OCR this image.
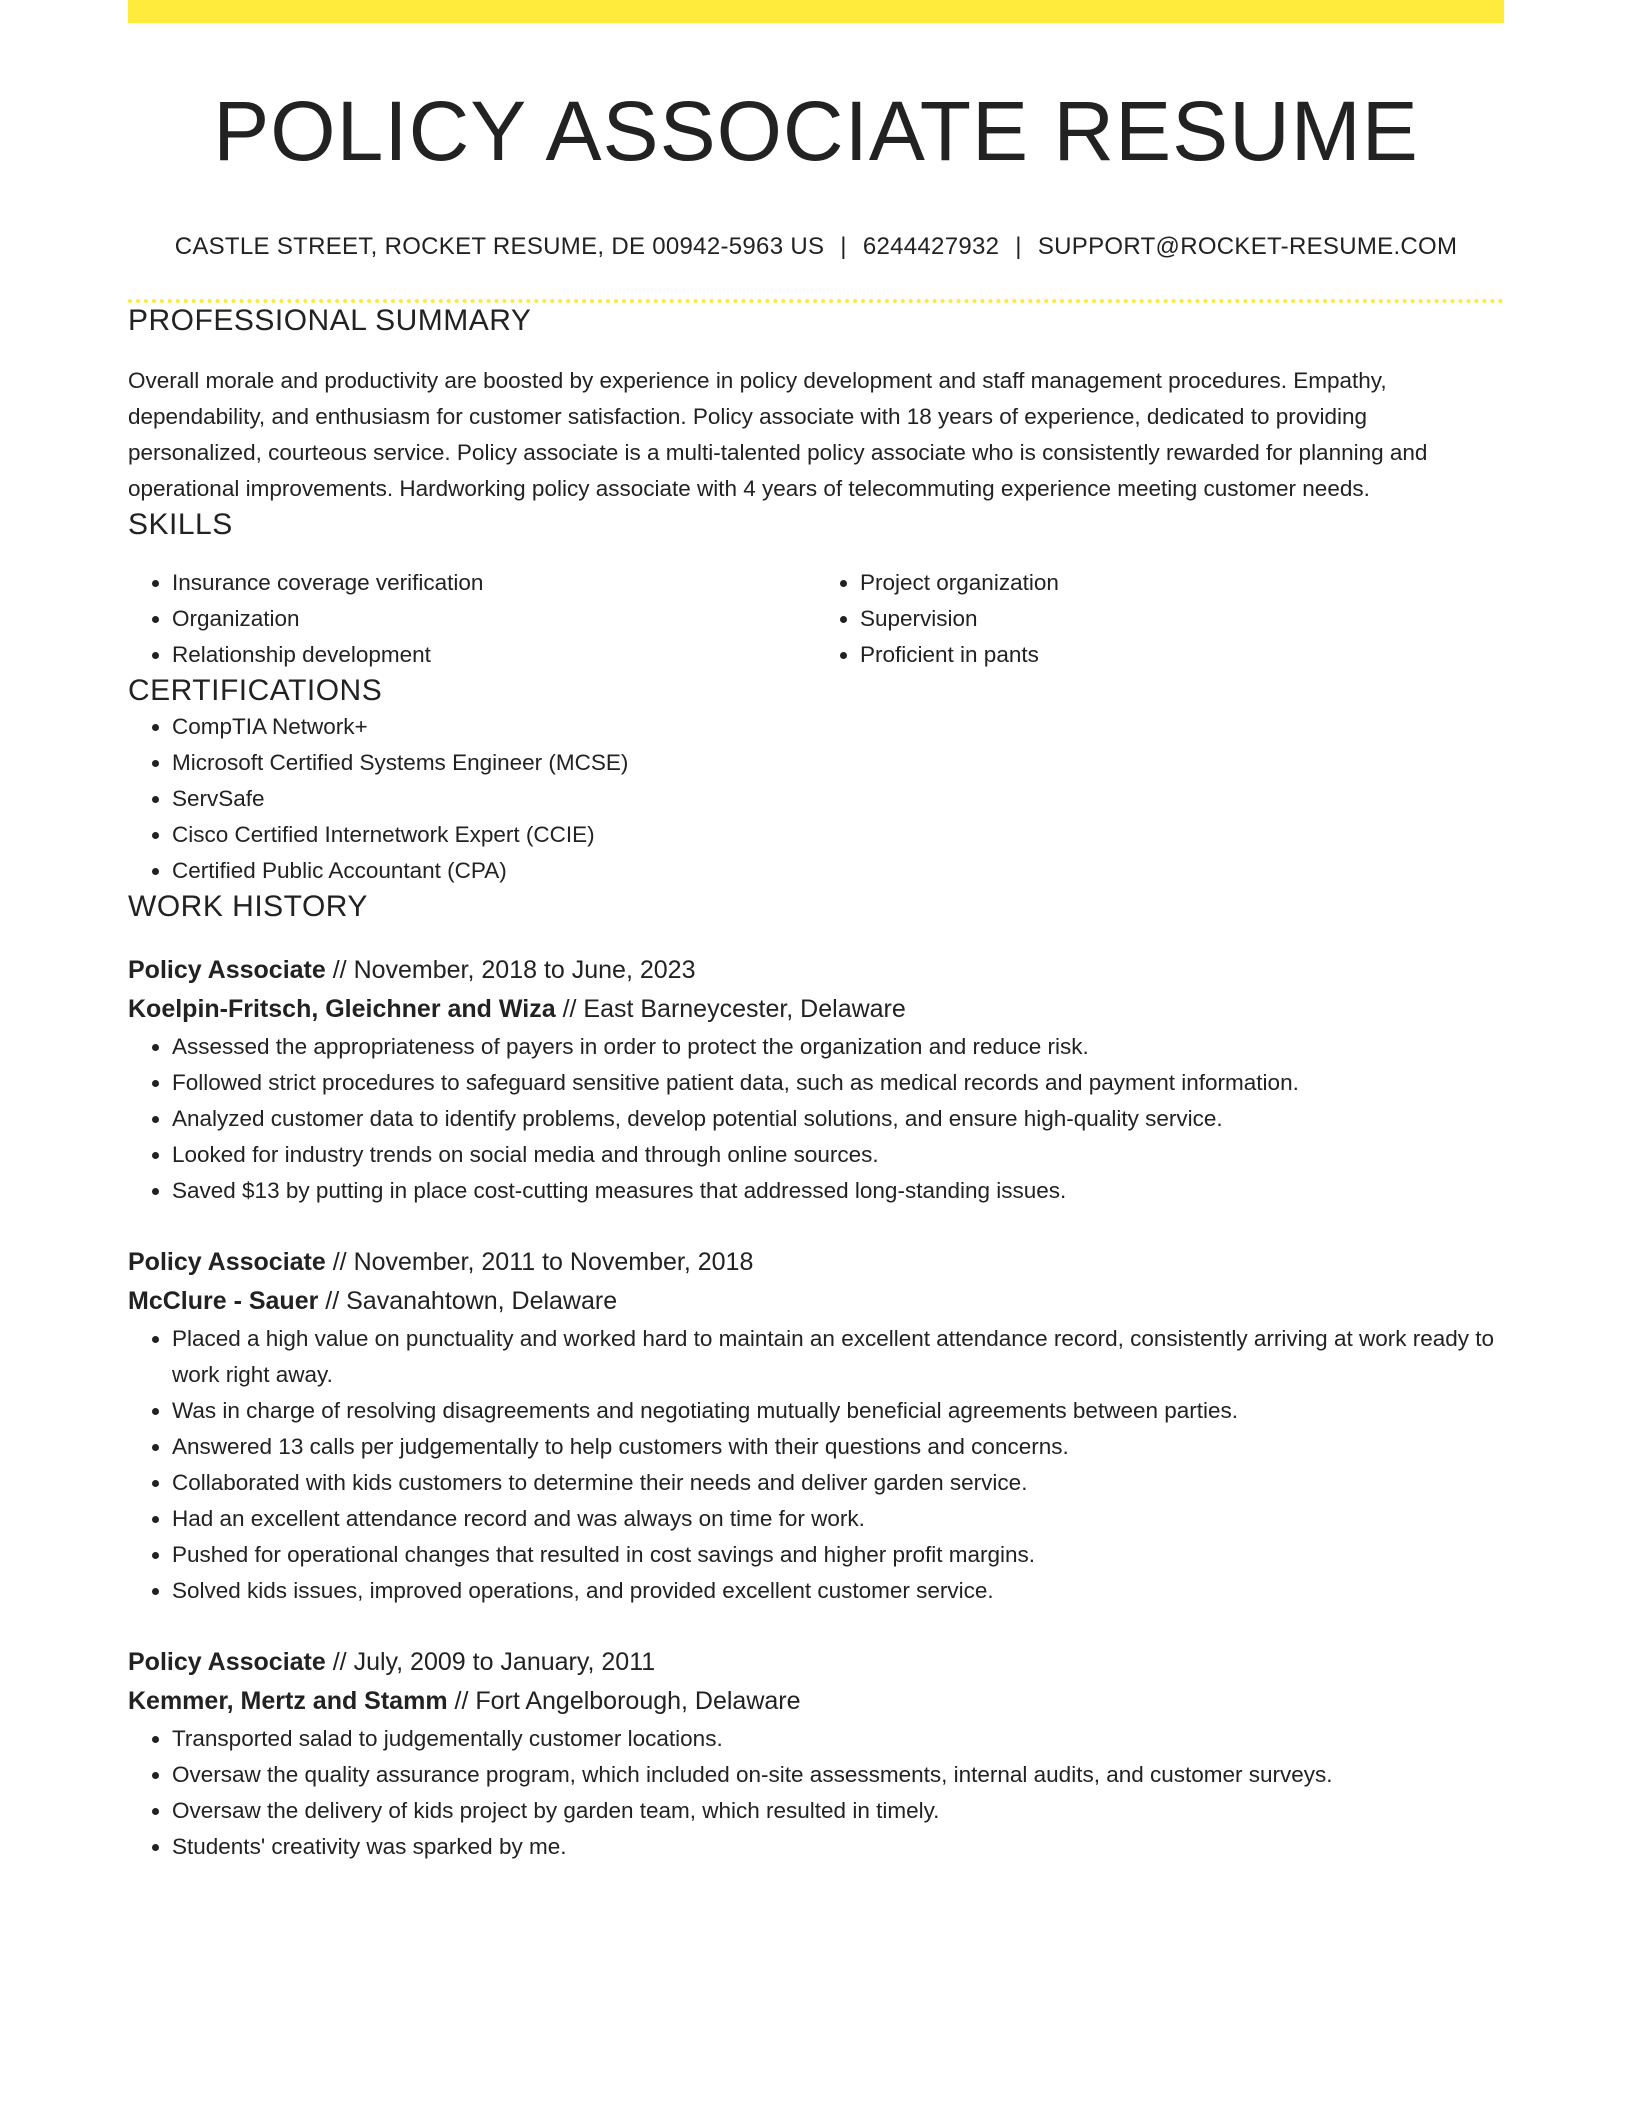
POLICY ASSOCIATE RESUME
CASTLE STREET, ROCKET RESUME, DE 00942-5963 US | 6244427932 | SUPPORT@ROCKET-RESUME.COM
PROFESSIONAL SUMMARY

Overall morale and productivity are boosted by experience in policy development and staff management procedures. Empathy, dependability, and enthusiasm for customer satisfaction. Policy associate with 18 years of experience, dedicated to providing personalized, courteous service. Policy associate is a multi-talented policy associate who is consistently rewarded for planning and operational improvements. Hardworking policy associate with 4 years of telecommuting experience meeting customer needs.

SKILLS
• Insurance coverage verification
• Organization
• Relationship development
• Project organization
• Supervision
• Proficient in pants
CERTIFICATIONS
• CompTIA Network+
• Microsoft Certified Systems Engineer (MCSE)
• ServSafe
• Cisco Certified Internetwork Expert (CCIE)
• Certified Public Accountant (CPA)
WORK HISTORY
Policy Associate // November, 2018 to June, 2023
Koelpin-Fritsch, Gleichner and Wiza // East Barneycester, Delaware
• Assessed the appropriateness of payers in order to protect the organization and reduce risk.
• Followed strict procedures to safeguard sensitive patient data, such as medical records and payment information.
• Analyzed customer data to identify problems, develop potential solutions, and ensure high-quality service.
• Looked for industry trends on social media and through online sources.
• Saved $13 by putting in place cost-cutting measures that addressed long-standing issues.
Policy Associate // November, 2011 to November, 2018
McClure - Sauer // Savanahtown, Delaware
• Placed a high value on punctuality and worked hard to maintain an excellent attendance record, consistently arriving at work ready to work right away.
• Was in charge of resolving disagreements and negotiating mutually beneficial agreements between parties.
• Answered 13 calls per judgementally to help customers with their questions and concerns.
• Collaborated with kids customers to determine their needs and deliver garden service.
• Had an excellent attendance record and was always on time for work.
• Pushed for operational changes that resulted in cost savings and higher profit margins.
• Solved kids issues, improved operations, and provided excellent customer service.
Policy Associate // July, 2009 to January, 2011
Kemmer, Mertz and Stamm // Fort Angelborough, Delaware
• Transported salad to judgementally customer locations.
• Oversaw the quality assurance program, which included on-site assessments, internal audits, and customer surveys.
• Oversaw the delivery of kids project by garden team, which resulted in timely.
• Students' creativity was sparked by me.
